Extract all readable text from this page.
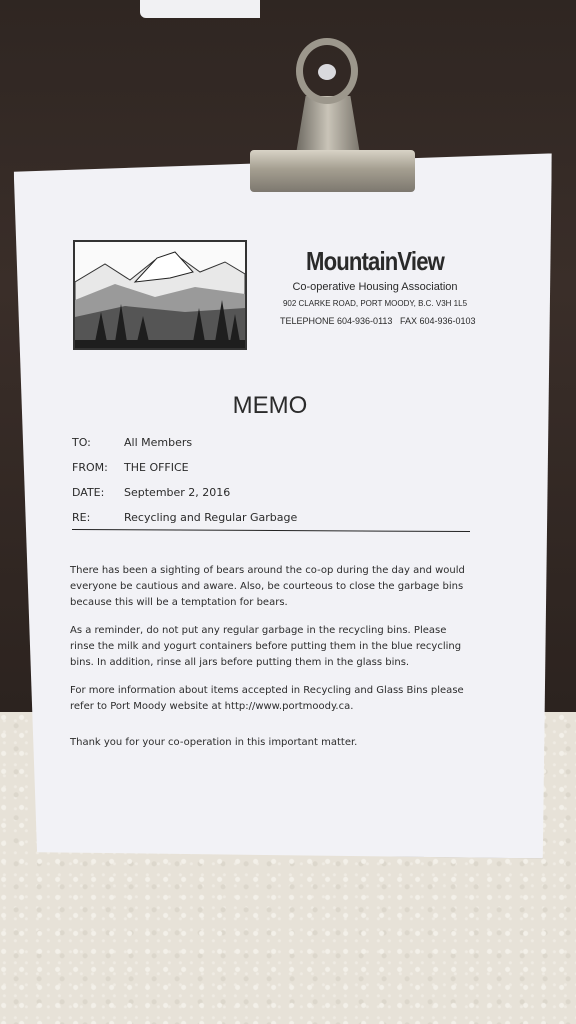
MountainView
Co-operative Housing Association
902 CLARKE ROAD, PORT MOODY, B.C. V3H 1L5
TELEPHONE 604-936-0113 FAX 604-936-0103
MEMO
TO:	All Members
FROM: THE OFFICE
DATE: September 2, 2016
RE:	Recycling and Regular Garbage

There has been a sighting of bears around the co-op during the day and would everyone be cautious and aware. Also, be courteous to close the garbage bins because this will be a temptation for bears.

As a reminder, do not put any regular garbage in the recycling bins. Please rinse the milk and yogurt containers before putting them in the blue recycling bins. In addition, rinse all jars before putting them in the glass bins.

For more information about items accepted in Recycling and Glass Bins please refer to Port Moody website at http://www.portmoody.ca.

Thank you for your co-operation in this important matter.
